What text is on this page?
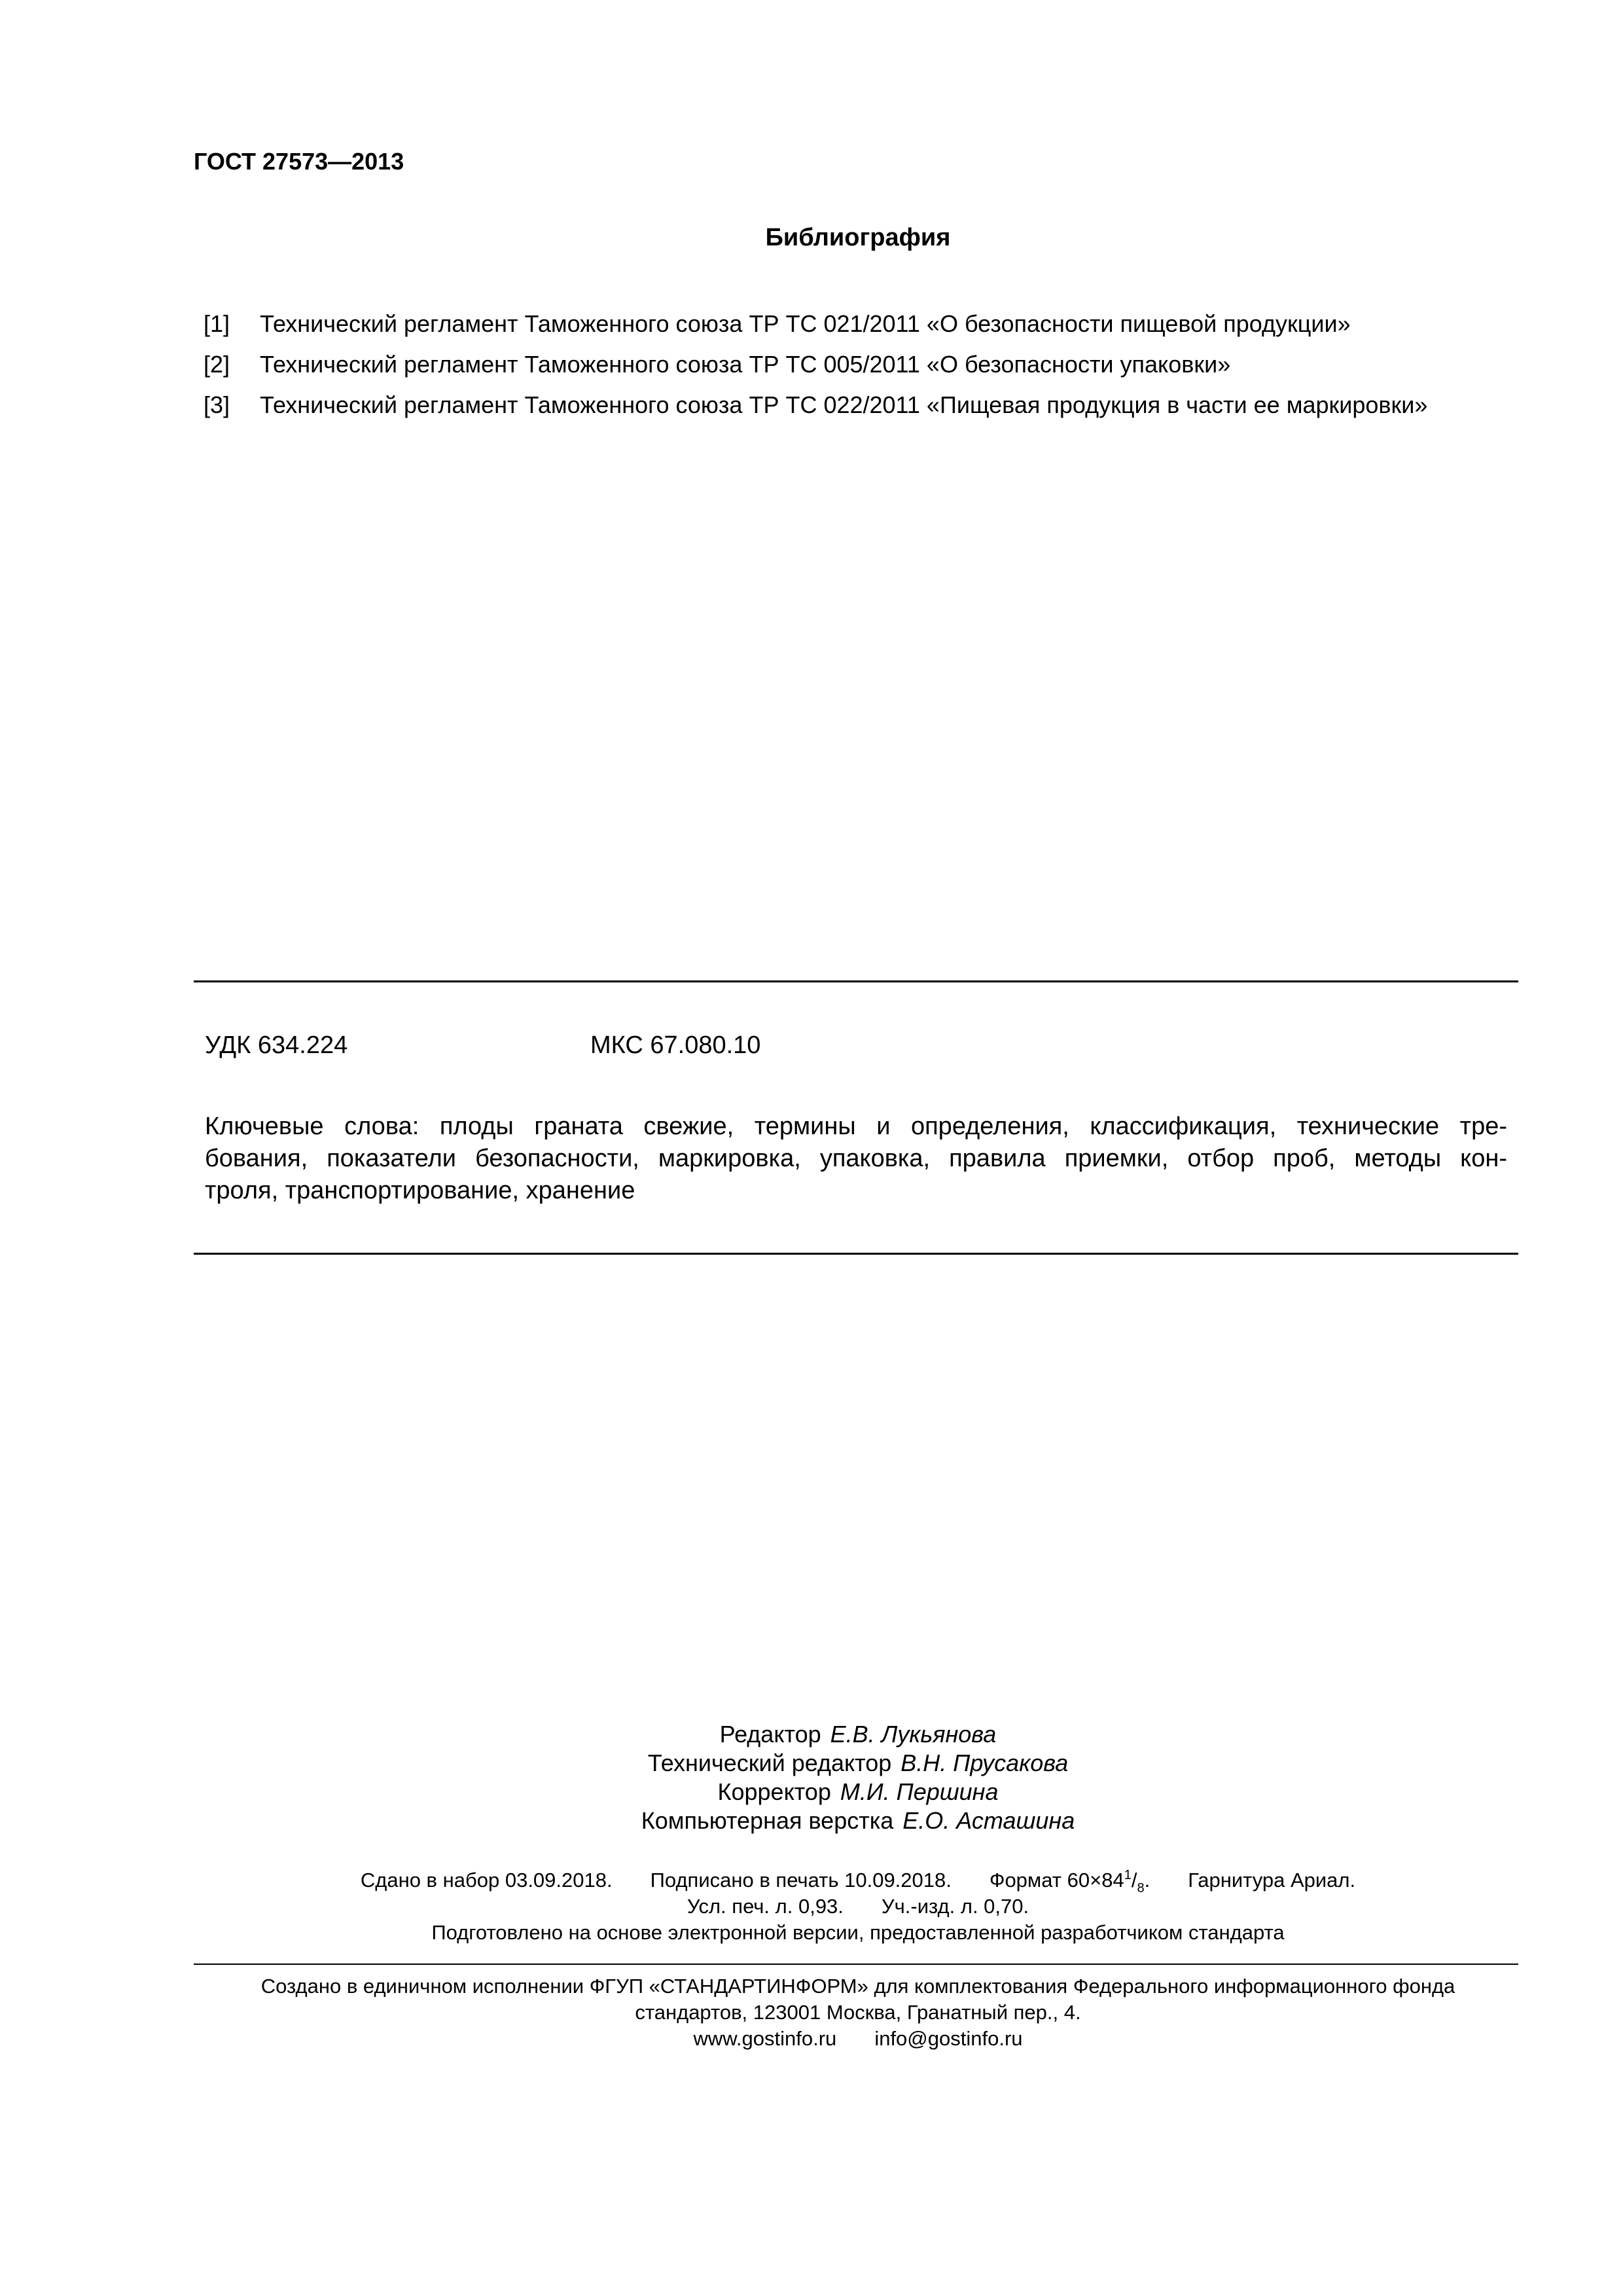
ГОСТ 27573—2013
Библиография
[1]	Технический регламент Таможенного союза ТР ТС 021/2011 «О безопасности пищевой продукции»
[2]	Технический регламент Таможенного союза ТР ТС 005/2011 «О безопасности упаковки»
[3]	Технический регламент Таможенного союза ТР ТС 022/2011 «Пищевая продукция в части ее маркировки»
УДК 634.224	МКС 67.080.10
Ключевые слова: плоды граната свежие, термины и определения, классификация, технические тре-
бования, показатели безопасности, маркировка, упаковка, правила приемки, отбор проб, методы кон-
троля, транспортирование, хранение
Редактор Е.В. Лукьянова
Технический редактор В.Н. Прусакова
Корректор М.И. Першина
Компьютерная верстка Е.О. Асташина
Сдано в набор 03.09.2018. Подписано в печать 10.09.2018. Формат $60\times 84^1/_8$. Гарнитура Ариал.
Усл. печ. л. 0,93. Уч.-изд. л. 0,70.
Подготовлено на основе электронной версии, предоставленной разработчиком стандарта
Создано в единичном исполнении ФГУП «СТАНДАРТИНФОРМ» для комплектования Федерального информационного фонда
стандартов, 123001 Москва, Гранатный пер., 4.
www.gostinfo.ru info@gostinfo.ru
